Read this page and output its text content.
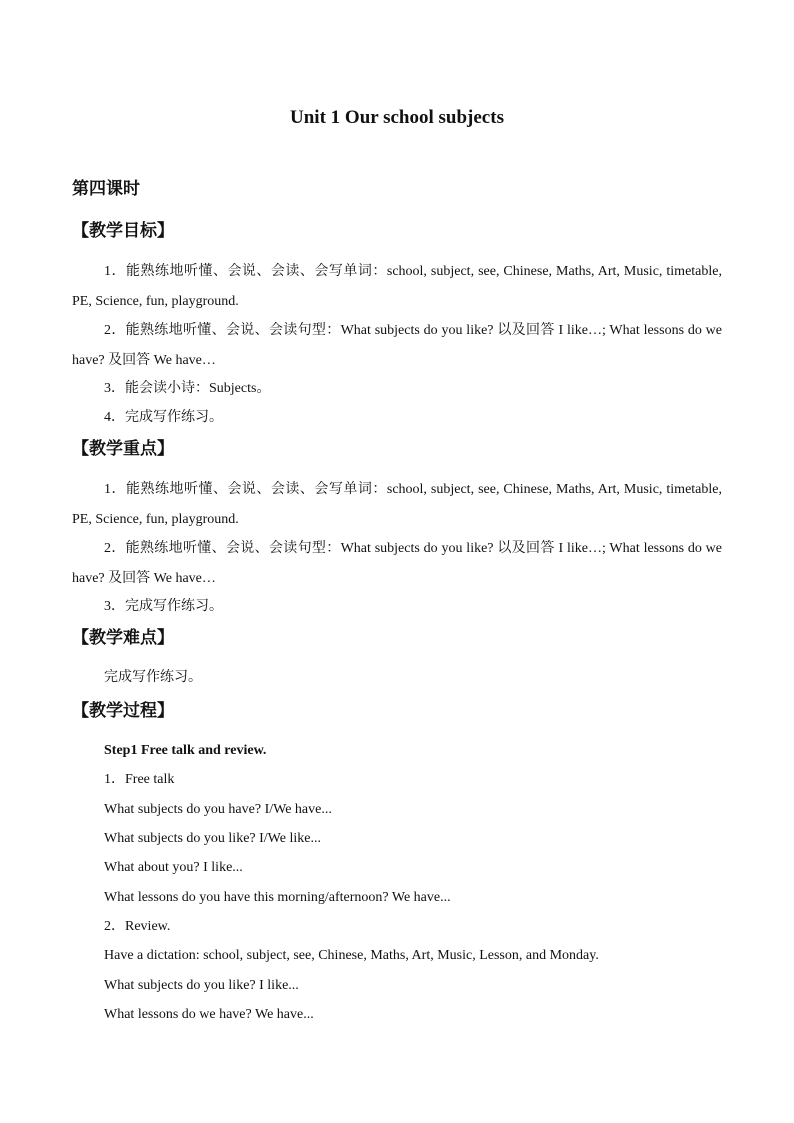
Unit 1 Our school subjects
第四课时
【教学目标】
1．能熟练地听懂、会说、会读、会写单词：school, subject, see, Chinese, Maths, Art, Music, timetable, PE, Science, fun, playground.
2．能熟练地听懂、会说、会读句型：What subjects do you like? 以及回答 I like…; What lessons do we have? 及回答 We have…
3．能会读小诗：Subjects。
4．完成写作练习。
【教学重点】
1．能熟练地听懂、会说、会读、会写单词：school, subject, see, Chinese, Maths, Art, Music, timetable, PE, Science, fun, playground.
2．能熟练地听懂、会说、会读句型：What subjects do you like? 以及回答 I like…; What lessons do we have? 及回答 We have…
3．完成写作练习。
【教学难点】
完成写作练习。
【教学过程】
Step1 Free talk and review.
1．Free talk
What subjects do you have? I/We have...
What subjects do you like? I/We like...
What about you? I like...
What lessons do you have this morning/afternoon? We have...
2．Review.
Have a dictation: school, subject, see, Chinese, Maths, Art, Music, Lesson, and Monday.
What subjects do you like? I like...
What lessons do we have? We have...
